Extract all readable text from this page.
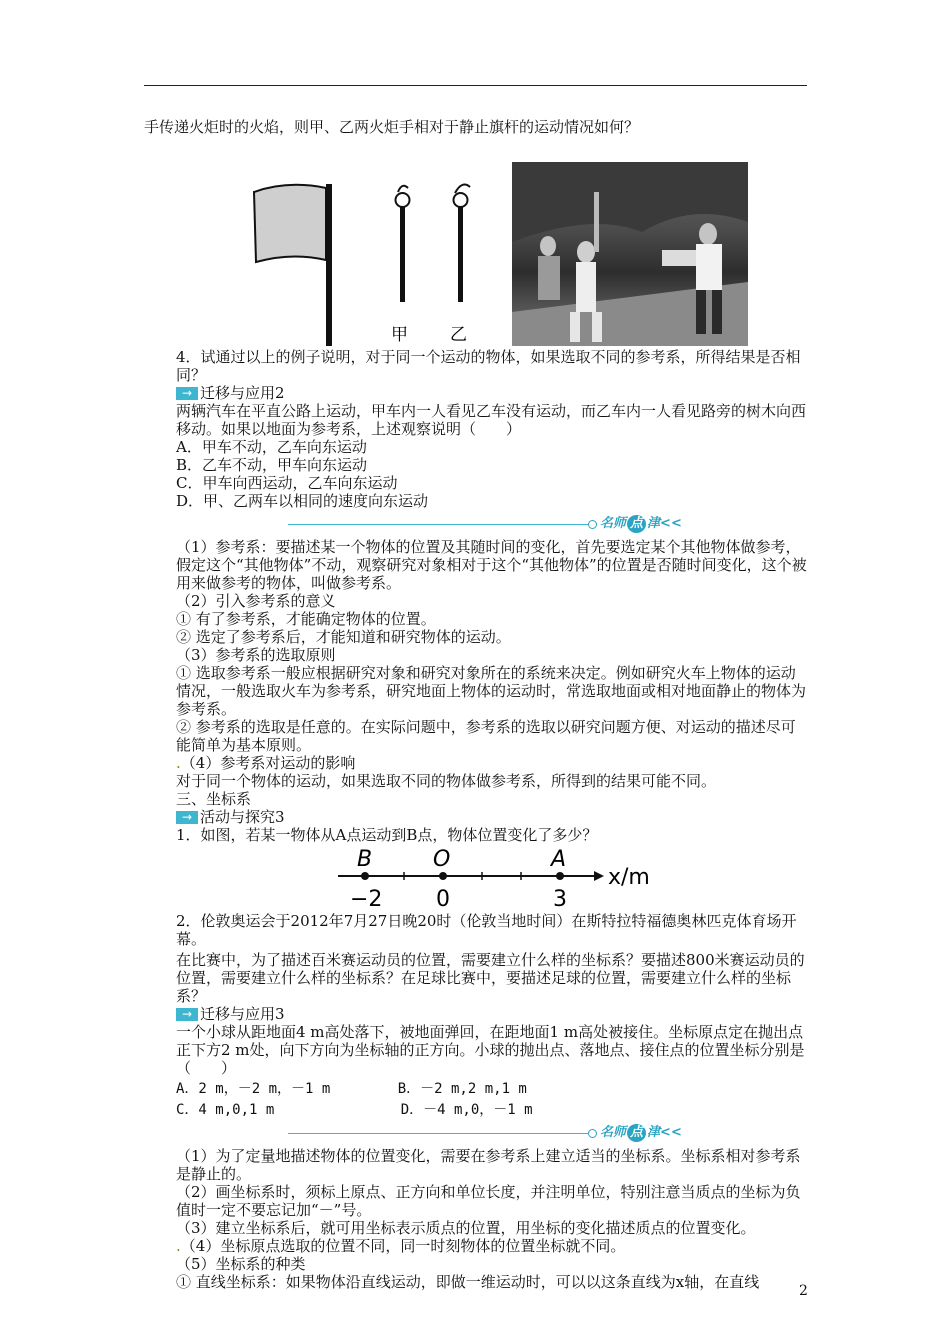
手传递火炬时的火焰，则甲、乙两火炬手相对于静止旗杆的运动情况如何？

甲 乙

4．试通过以上的例子说明，对于同一个运动的物体，如果选取不同的参考系，所得结果是否相同？

→ 迁移与应用2

两辆汽车在平直公路上运动，甲车内一人看见乙车没有运动，而乙车内一人看见路旁的树木向西移动。如果以地面为参考系，上述观察说明（　　）

A．甲车不动，乙车向东运动

B．乙车不动，甲车向东运动

C．甲车向西运动，乙车向东运动

D．甲、乙两车以相同的速度向东运动

名师 点 津 <<

（1）参考系：要描述某一个物体的位置及其随时间的变化，首先要选定某个其他物体做参考，假定这个“其他物体”不动，观察研究对象相对于这个“其他物体”的位置是否随时间变化，这个被用来做参考的物体，叫做参考系。

（2）引入参考系的意义

① 有了参考系，才能确定物体的位置。

② 选定了参考系后，才能知道和研究物体的运动。

（3）参考系的选取原则

① 选取参考系一般应根据研究对象和研究对象所在的系统来决定。例如研究火车上物体的运动情况，一般选取火车为参考系，研究地面上物体的运动时，常选取地面或相对地面静止的物体为参考系。

② 参考系的选取是任意的。在实际问题中，参考系的选取以研究问题方便、对运动的描述尽可能简单为基本原则。

.（4）参考系对运动的影响

对于同一个物体的运动，如果选取不同的物体做参考系，所得到的结果可能不同。

三、坐标系

→ 活动与探究3

1．如图，若某一物体从A点运动到B点，物体位置变化了多少？

B	O	A
x/m
−2 0	3

2．伦敦奥运会于2012年7月27日晚20时（伦敦当地时间）在斯特拉特福德奥林匹克体育场开幕。

在比赛中，为了描述百米赛运动员的位置，需要建立什么样的坐标系？要描述800米赛运动员的位置，需要建立什么样的坐标系？在足球比赛中，要描述足球的位置，需要建立什么样的坐标系？

→ 迁移与应用3

一个小球从距地面4 m高处落下，被地面弹回，在距地面1 m高处被接住。坐标原点定在抛出点正下方2 m处，向下方向为坐标轴的正方向。小球的抛出点、落地点、接住点的位置坐标分别是（　　）

A．2 m，－2 m，－1 m        B．－2 m,2 m,1 m

C．4 m,0,1 m               D．－4 m,0，－1 m

名师 点 津 <<

（1）为了定量地描述物体的位置变化，需要在参考系上建立适当的坐标系。坐标系相对参考系是静止的。

（2）画坐标系时，须标上原点、正方向和单位长度，并注明单位，特别注意当质点的坐标为负值时一定不要忘记加“－”号。

（3）建立坐标系后，就可用坐标表示质点的位置，用坐标的变化描述质点的位置变化。

.（4）坐标原点选取的位置不同，同一时刻物体的位置坐标就不同。

（5）坐标系的种类

① 直线坐标系：如果物体沿直线运动，即做一维运动时，可以以这条直线为x轴，在直线	2
